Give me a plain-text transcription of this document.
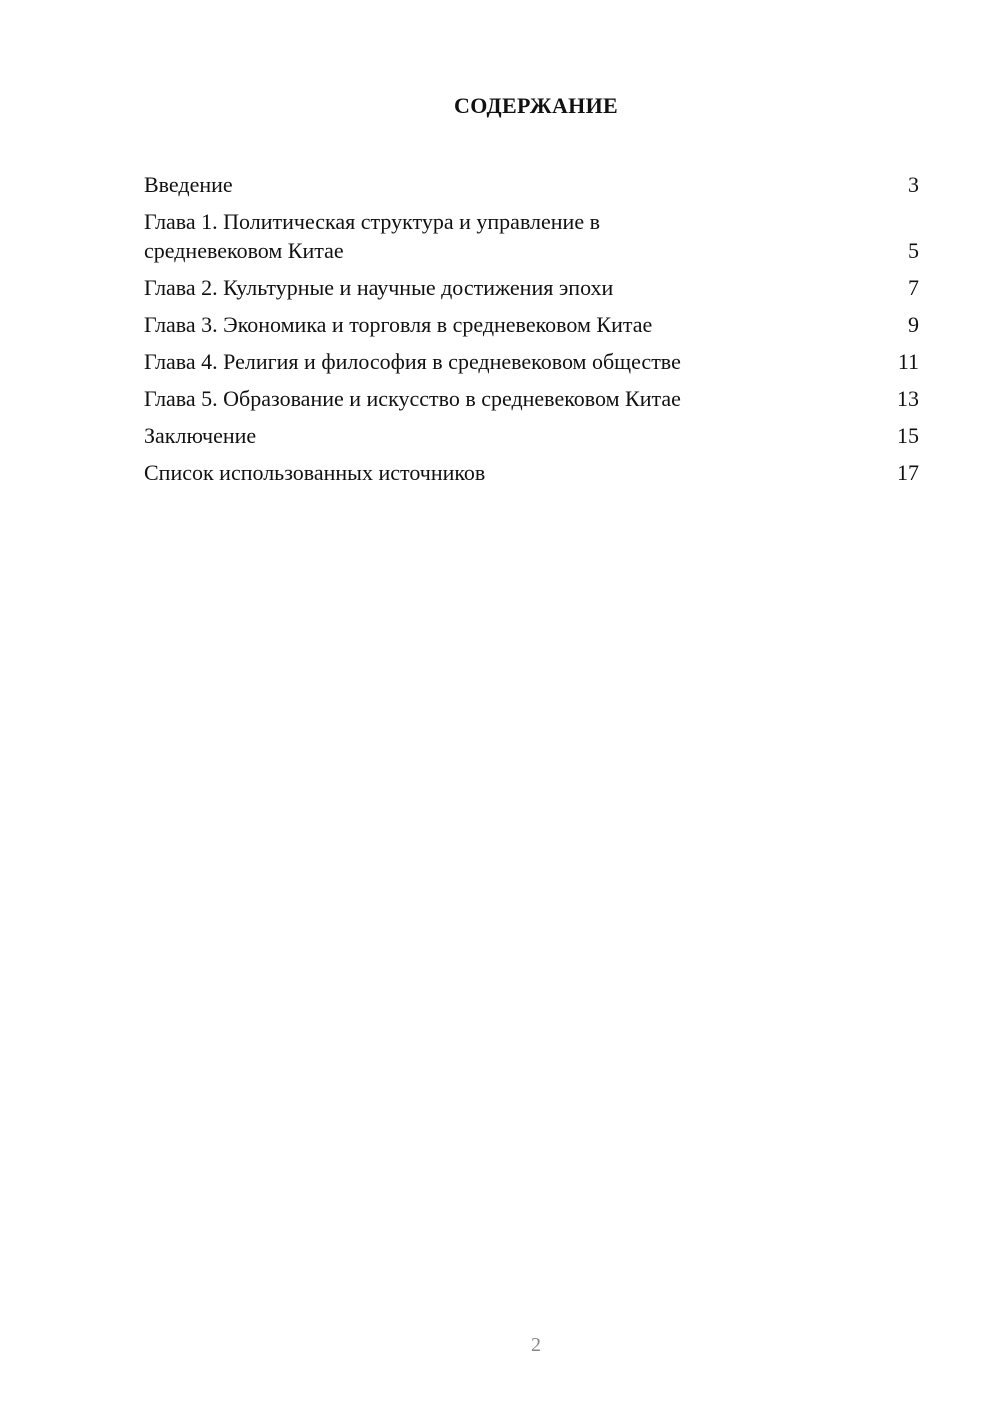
СОДЕРЖАНИЕ
Введение	3
Глава 1. Политическая структура и управление в средневековом Китае	5
Глава 2. Культурные и научные достижения эпохи	7
Глава 3. Экономика и торговля в средневековом Китае	9
Глава 4. Религия и философия в средневековом обществе	11
Глава 5. Образование и искусство в средневековом Китае	13
Заключение	15
Список использованных источников	17
2
